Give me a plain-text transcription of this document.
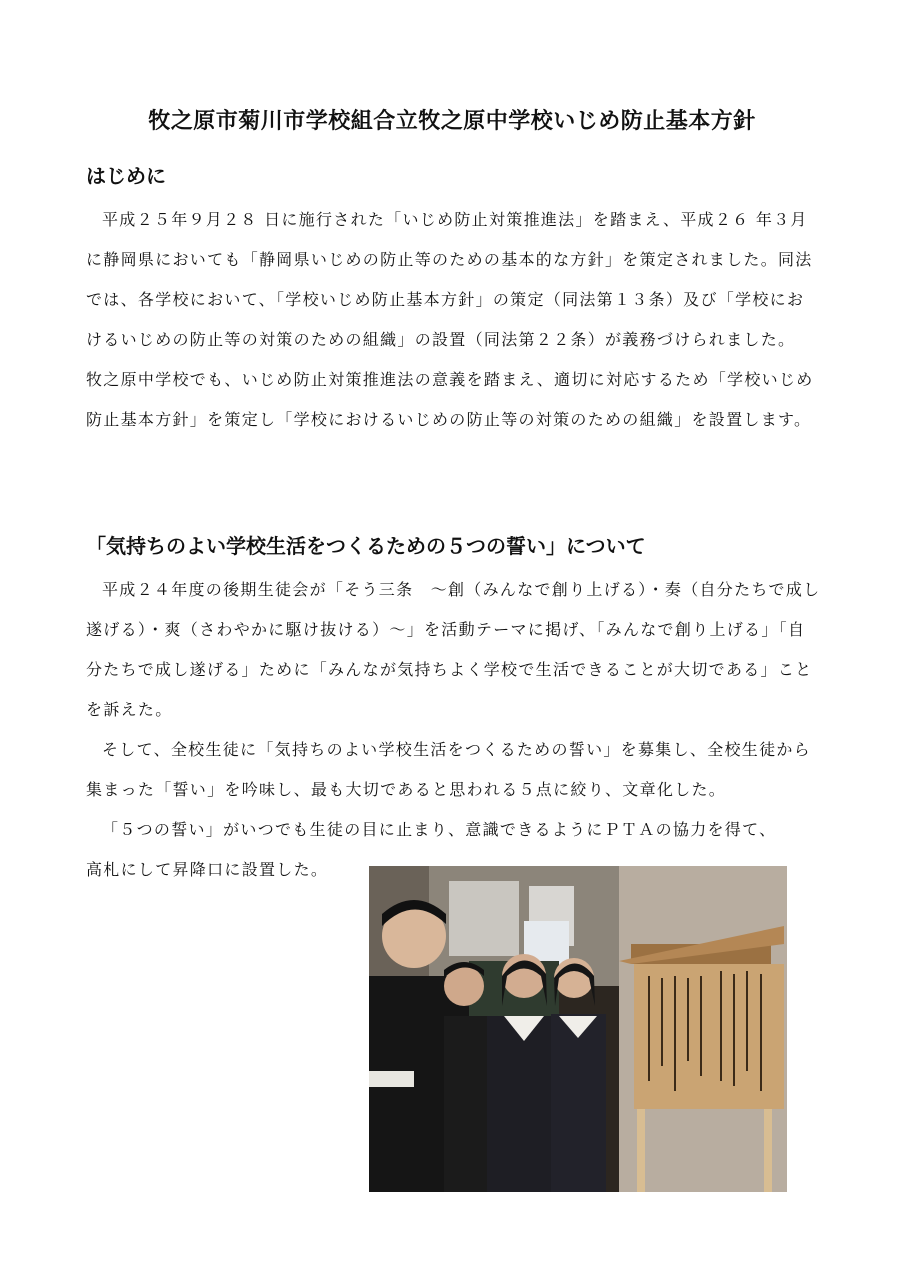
牧之原市菊川市学校組合立牧之原中学校いじめ防止基本方針
はじめに

平成２５年９月２８ 日に施行された「いじめ防止対策推進法」を踏まえ、平成２６ 年３月に静岡県においても「静岡県いじめの防止等のための基本的な方針」を策定されました。同法では、各学校において、「学校いじめ防止基本方針」の策定（同法第１３条）及び「学校におけるいじめの防止等の対策のための組織」の設置（同法第２２条）が義務づけられました。　牧之原中学校でも、いじめ防止対策推進法の意義を踏まえ、適切に対応するため「学校いじめ防止基本方針」を策定し「学校におけるいじめの防止等の対策のための組織」を設置します。

「気持ちのよい学校生活をつくるための５つの誓い」について

平成２４年度の後期生徒会が「そう三条　～創（みんなで創り上げる）・奏（自分たちで成し遂げる）・爽（さわやかに駆け抜ける）～」を活動テーマに掲げ、「みんなで創り上げる」「自分たちで成し遂げる」ために「みんなが気持ちよく学校で生活できることが大切である」ことを訴えた。

そして、全校生徒に「気持ちのよい学校生活をつくるための誓い」を募集し、全校生徒から集まった「誓い」を吟味し、最も大切であると思われる５点に絞り、文章化した。

「５つの誓い」がいつでも生徒の目に止まり、意識できるようにＰＴＡの協力を得て、

高札にして昇降口に設置した。
